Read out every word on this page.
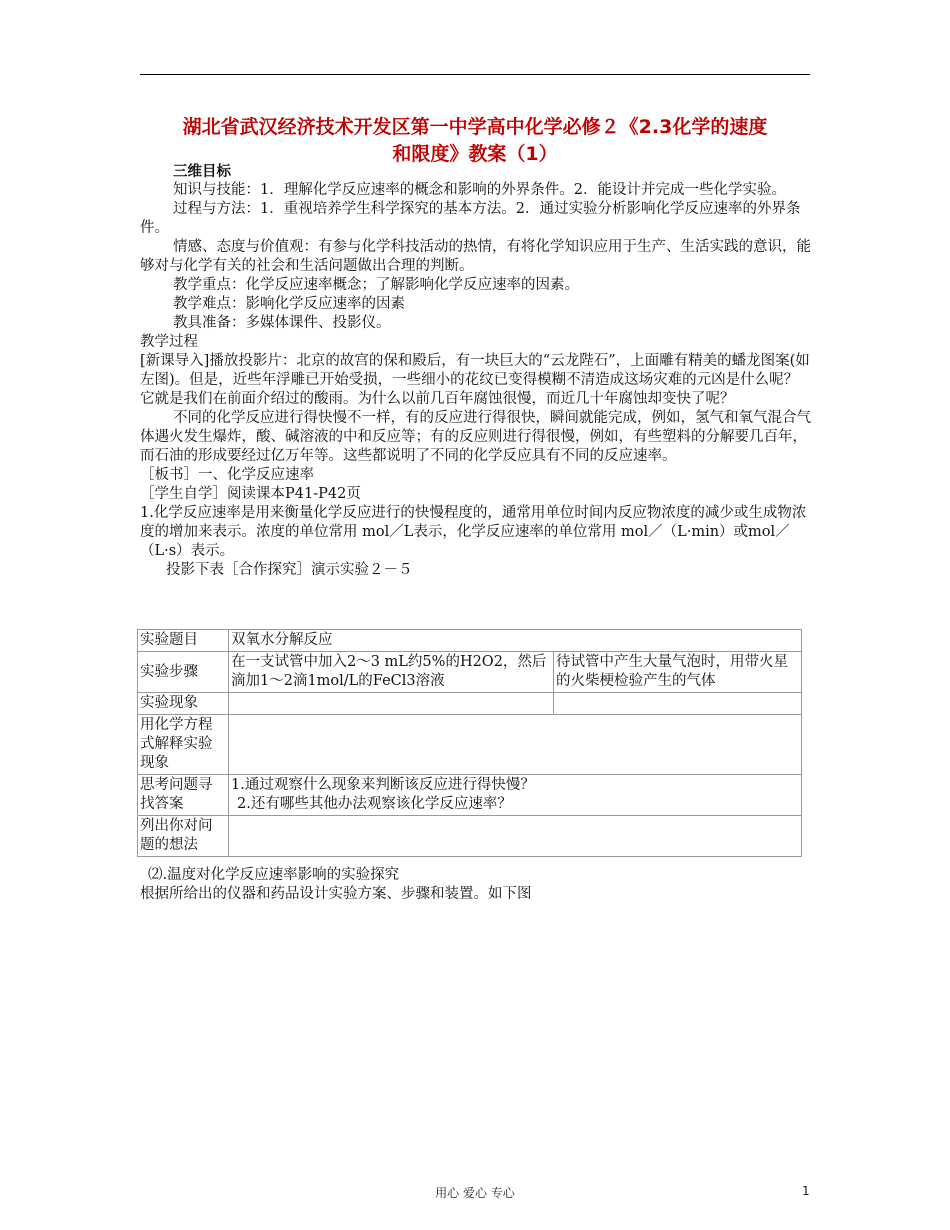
湖北省武汉经济技术开发区第一中学高中化学必修２《2.3化学的速度
和限度》教案（1）

三维目标

知识与技能：1．理解化学反应速率的概念和影响的外界条件。2．能设计并完成一些化学实验。

过程与方法：1．重视培养学生科学探究的基本方法。2．通过实验分析影响化学反应速率的外界条件。

情感、态度与价值观：有参与化学科技活动的热情，有将化学知识应用于生产、生活实践的意识，能够对与化学有关的社会和生活问题做出合理的判断。

教学重点：化学反应速率概念；了解影响化学反应速率的因素。

教学难点：影响化学反应速率的因素

教具准备：多媒体课件、投影仪。

教学过程

[新课导入]播放投影片：北京的故宫的保和殿后，有一块巨大的“云龙陛石”，上面雕有精美的蟠龙图案(如左图)。但是，近些年浮雕已开始受损，一些细小的花纹已变得模糊不清造成这场灾难的元凶是什么呢？它就是我们在前面介绍过的酸雨。为什么以前几百年腐蚀很慢，而近几十年腐蚀却变快了呢？

不同的化学反应进行得快慢不一样，有的反应进行得很快，瞬间就能完成，例如，氢气和氧气混合气体遇火发生爆炸，酸、碱溶液的中和反应等；有的反应则进行得很慢，例如，有些塑料的分解要几百年，而石油的形成要经过亿万年等。这些都说明了不同的化学反应具有不同的反应速率。

［板书］一、化学反应速率

［学生自学］阅读课本P41-P42页

1.化学反应速率是用来衡量化学反应进行的快慢程度的，通常用单位时间内反应物浓度的减少或生成物浓度的增加来表示。浓度的单位常用 mol／L表示，化学反应速率的单位常用 mol／（L·min）或mol／（L·s）表示。

投影下表［合作探究］演示实验２－５

实验题目	双氧水分解反应	
实验步骤	在一支试管中加入2～3 mL约5%的H2O2，然后滴加1～2滴1mol/L的FeCl3溶液	待试管中产生大量气泡时，用带火星的火柴梗检验产生的气体
实验现象		
用化学方程式解释实验现象		
思考问题寻找答案	1.通过观察什么现象来判断该反应进行得快慢？
2.还有哪些其他办法观察该化学反应速率？	

列出你对问题的想法		

⑵.温度对化学反应速率影响的实验探究

根据所给出的仪器和药品设计实验方案、步骤和装置。如下图

用心 爱心 专心	1
